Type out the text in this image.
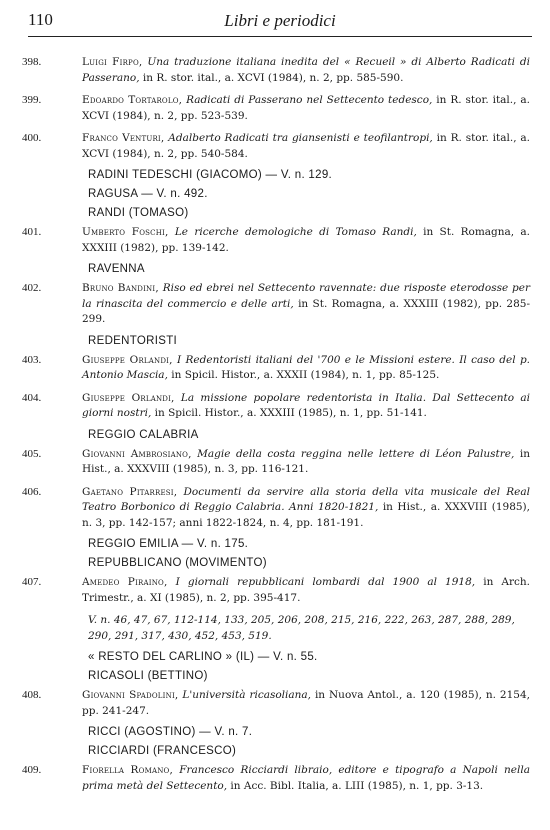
110	Libri e periodici
398.	Luigi Firpo, Una traduzione italiana inedita del « Recueil » di Alberto Radicati di Passerano, in R. stor. ital., a. XCVI (1984), n. 2, pp. 585-590.
399.	Edoardo Tortarolo, Radicati di Passerano nel Settecento tedesco, in R. stor. ital., a. XCVI (1984), n. 2, pp. 523-539.
400.	Franco Venturi, Adalberto Radicati tra giansenisti e teofilantropi, in R. stor. ital., a. XCVI (1984), n. 2, pp. 540-584.
RADINI TEDESCHI (GIACOMO) — V. n. 129.
RAGUSA — V. n. 492.
RANDI (TOMASO)
401.	Umberto Foschi, Le ricerche demologiche di Tomaso Randi, in St. Romagna, a. XXXIII (1982), pp. 139-142.
RAVENNA
402.	Bruno Bandini, Riso ed ebrei nel Settecento ravennate: due risposte eterodosse per la rinascita del commercio e delle arti, in St. Romagna, a. XXXIII (1982), pp. 285-299.
REDENTORISTI
403.	Giuseppe Orlandi, I Redentoristi italiani del '700 e le Missioni estere. Il caso del p. Antonio Mascia, in Spicil. Histor., a. XXXII (1984), n. 1, pp. 85-125.
404.	Giuseppe Orlandi, La missione popolare redentorista in Italia. Dal Settecento ai giorni nostri, in Spicil. Histor., a. XXXIII (1985), n. 1, pp. 51-141.
REGGIO CALABRIA
405.	Giovanni Ambrosiano, Magie della costa reggina nelle lettere di Léon Palustre, in Hist., a. XXXVIII (1985), n. 3, pp. 116-121.
406.	Gaetano Pitarresi, Documenti da servire alla storia della vita musicale del Real Teatro Borbonico di Reggio Calabria. Anni 1820-1821, in Hist., a. XXXVIII (1985), n. 3, pp. 142-157; anni 1822-1824, n. 4, pp. 181-191.
REGGIO EMILIA — V. n. 175.
REPUBBLICANO (MOVIMENTO)
407.	Amedeo Piraino, I giornali repubblicani lombardi dal 1900 al 1918, in Arch. Trimestr., a. XI (1985), n. 2, pp. 395-417.
V. n. 46, 47, 67, 112-114, 133, 205, 206, 208, 215, 216, 222, 263, 287, 288, 289, 290, 291, 317, 430, 452, 453, 519.
« RESTO DEL CARLINO » (IL) — V. n. 55.
RICASOLI (BETTINO)
408.	Giovanni Spadolini, L'università ricasoliana, in Nuova Antol., a. 120 (1985), n. 2154, pp. 241-247.
RICCI (AGOSTINO) — V. n. 7.
RICCIARDI (FRANCESCO)
409.	Fiorella Romano, Francesco Ricciardi libraio, editore e tipografo a Napoli nella prima metà del Settecento, in Acc. Bibl. Italia, a. LIII (1985), n. 1, pp. 3-13.
